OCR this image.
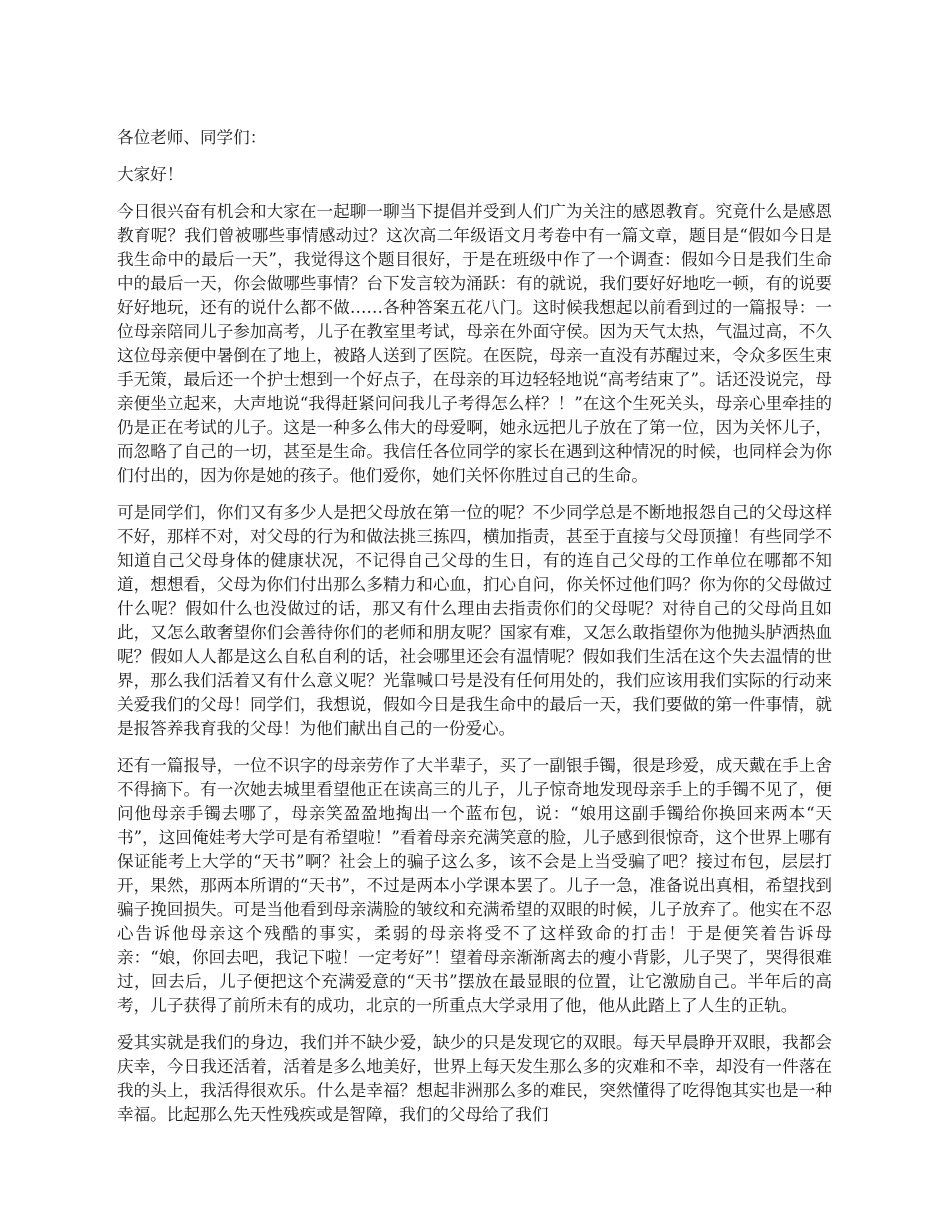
各位老师、同学们：

大家好！

今日很兴奋有机会和大家在一起聊一聊当下提倡并受到人们广为关注的感恩教育。究竟什么是感恩教育呢？我们曾被哪些事情感动过？这次高二年级语文月考卷中有一篇文章，题目是“假如今日是我生命中的最后一天”，我觉得这个题目很好，于是在班级中作了一个调查：假如今日是我们生命中的最后一天，你会做哪些事情？台下发言较为涌跃：有的就说，我们要好好地吃一顿，有的说要好好地玩，还有的说什么都不做……各种答案五花八门。这时候我想起以前看到过的一篇报导：一位母亲陪同儿子参加高考，儿子在教室里考试，母亲在外面守侯。因为天气太热，气温过高，不久这位母亲便中暑倒在了地上，被路人送到了医院。在医院，母亲一直没有苏醒过来，令众多医生束手无策，最后还一个护士想到一个好点子，在母亲的耳边轻轻地说“高考结束了”。话还没说完，母亲便坐立起来，大声地说“我得赶紧问问我儿子考得怎么样？！”在这个生死关头，母亲心里牵挂的仍是正在考试的儿子。这是一种多么伟大的母爱啊，她永远把儿子放在了第一位，因为关怀儿子，而忽略了自己的一切，甚至是生命。我信任各位同学的家长在遇到这种情况的时候，也同样会为你们付出的，因为你是她的孩子。他们爱你，她们关怀你胜过自己的生命。

可是同学们，你们又有多少人是把父母放在第一位的呢？不少同学总是不断地报怨自己的父母这样不好，那样不对，对父母的行为和做法挑三拣四，横加指责，甚至于直接与父母顶撞！有些同学不知道自己父母身体的健康状况，不记得自己父母的生日，有的连自己父母的工作单位在哪都不知道，想想看，父母为你们付出那么多精力和心血，扪心自问，你关怀过他们吗？你为你的父母做过什么呢？假如什么也没做过的话，那又有什么理由去指责你们的父母呢？对待自己的父母尚且如此，又怎么敢奢望你们会善待你们的老师和朋友呢？国家有难，又怎么敢指望你为他抛头胪洒热血呢？假如人人都是这么自私自利的话，社会哪里还会有温情呢？假如我们生活在这个失去温情的世界，那么我们活着又有什么意义呢？光靠喊口号是没有任何用处的，我们应该用我们实际的行动来关爱我们的父母！同学们，我想说，假如今日是我生命中的最后一天，我们要做的第一件事情，就是报答养我育我的父母！为他们献出自己的一份爱心。

还有一篇报导，一位不识字的母亲劳作了大半辈子，买了一副银手镯，很是珍爱，成天戴在手上舍不得摘下。有一次她去城里看望他正在读高三的儿子，儿子惊奇地发现母亲手上的手镯不见了，便问他母亲手镯去哪了，母亲笑盈盈地掏出一个蓝布包，说：“娘用这副手镯给你换回来两本“天书”，这回俺娃考大学可是有希望啦！”看着母亲充满笑意的脸，儿子感到很惊奇，这个世界上哪有保证能考上大学的“天书”啊？社会上的骗子这么多，该不会是上当受骗了吧？接过布包，层层打开，果然，那两本所谓的“天书”，不过是两本小学课本罢了。儿子一急，准备说出真相，希望找到骗子挽回损失。可是当他看到母亲满脸的皱纹和充满希望的双眼的时候，儿子放弃了。他实在不忍心告诉他母亲这个残酷的事实，柔弱的母亲将受不了这样致命的打击！于是便笑着告诉母亲：“娘，你回去吧，我记下啦！一定考好”！望着母亲渐渐离去的瘦小背影，儿子哭了，哭得很难过，回去后，儿子便把这个充满爱意的“天书”摆放在最显眼的位置，让它激励自己。半年后的高考，儿子获得了前所未有的成功，北京的一所重点大学录用了他，他从此踏上了人生的正轨。

爱其实就是我们的身边，我们并不缺少爱，缺少的只是发现它的双眼。每天早晨睁开双眼，我都会庆幸，今日我还活着，活着是多么地美好，世界上每天发生那么多的灾难和不幸，却没有一件落在我的头上，我活得很欢乐。什么是幸福？想起非洲那么多的难民，突然懂得了吃得饱其实也是一种幸福。比起那么先天性残疾或是智障，我们的父母给了我们
